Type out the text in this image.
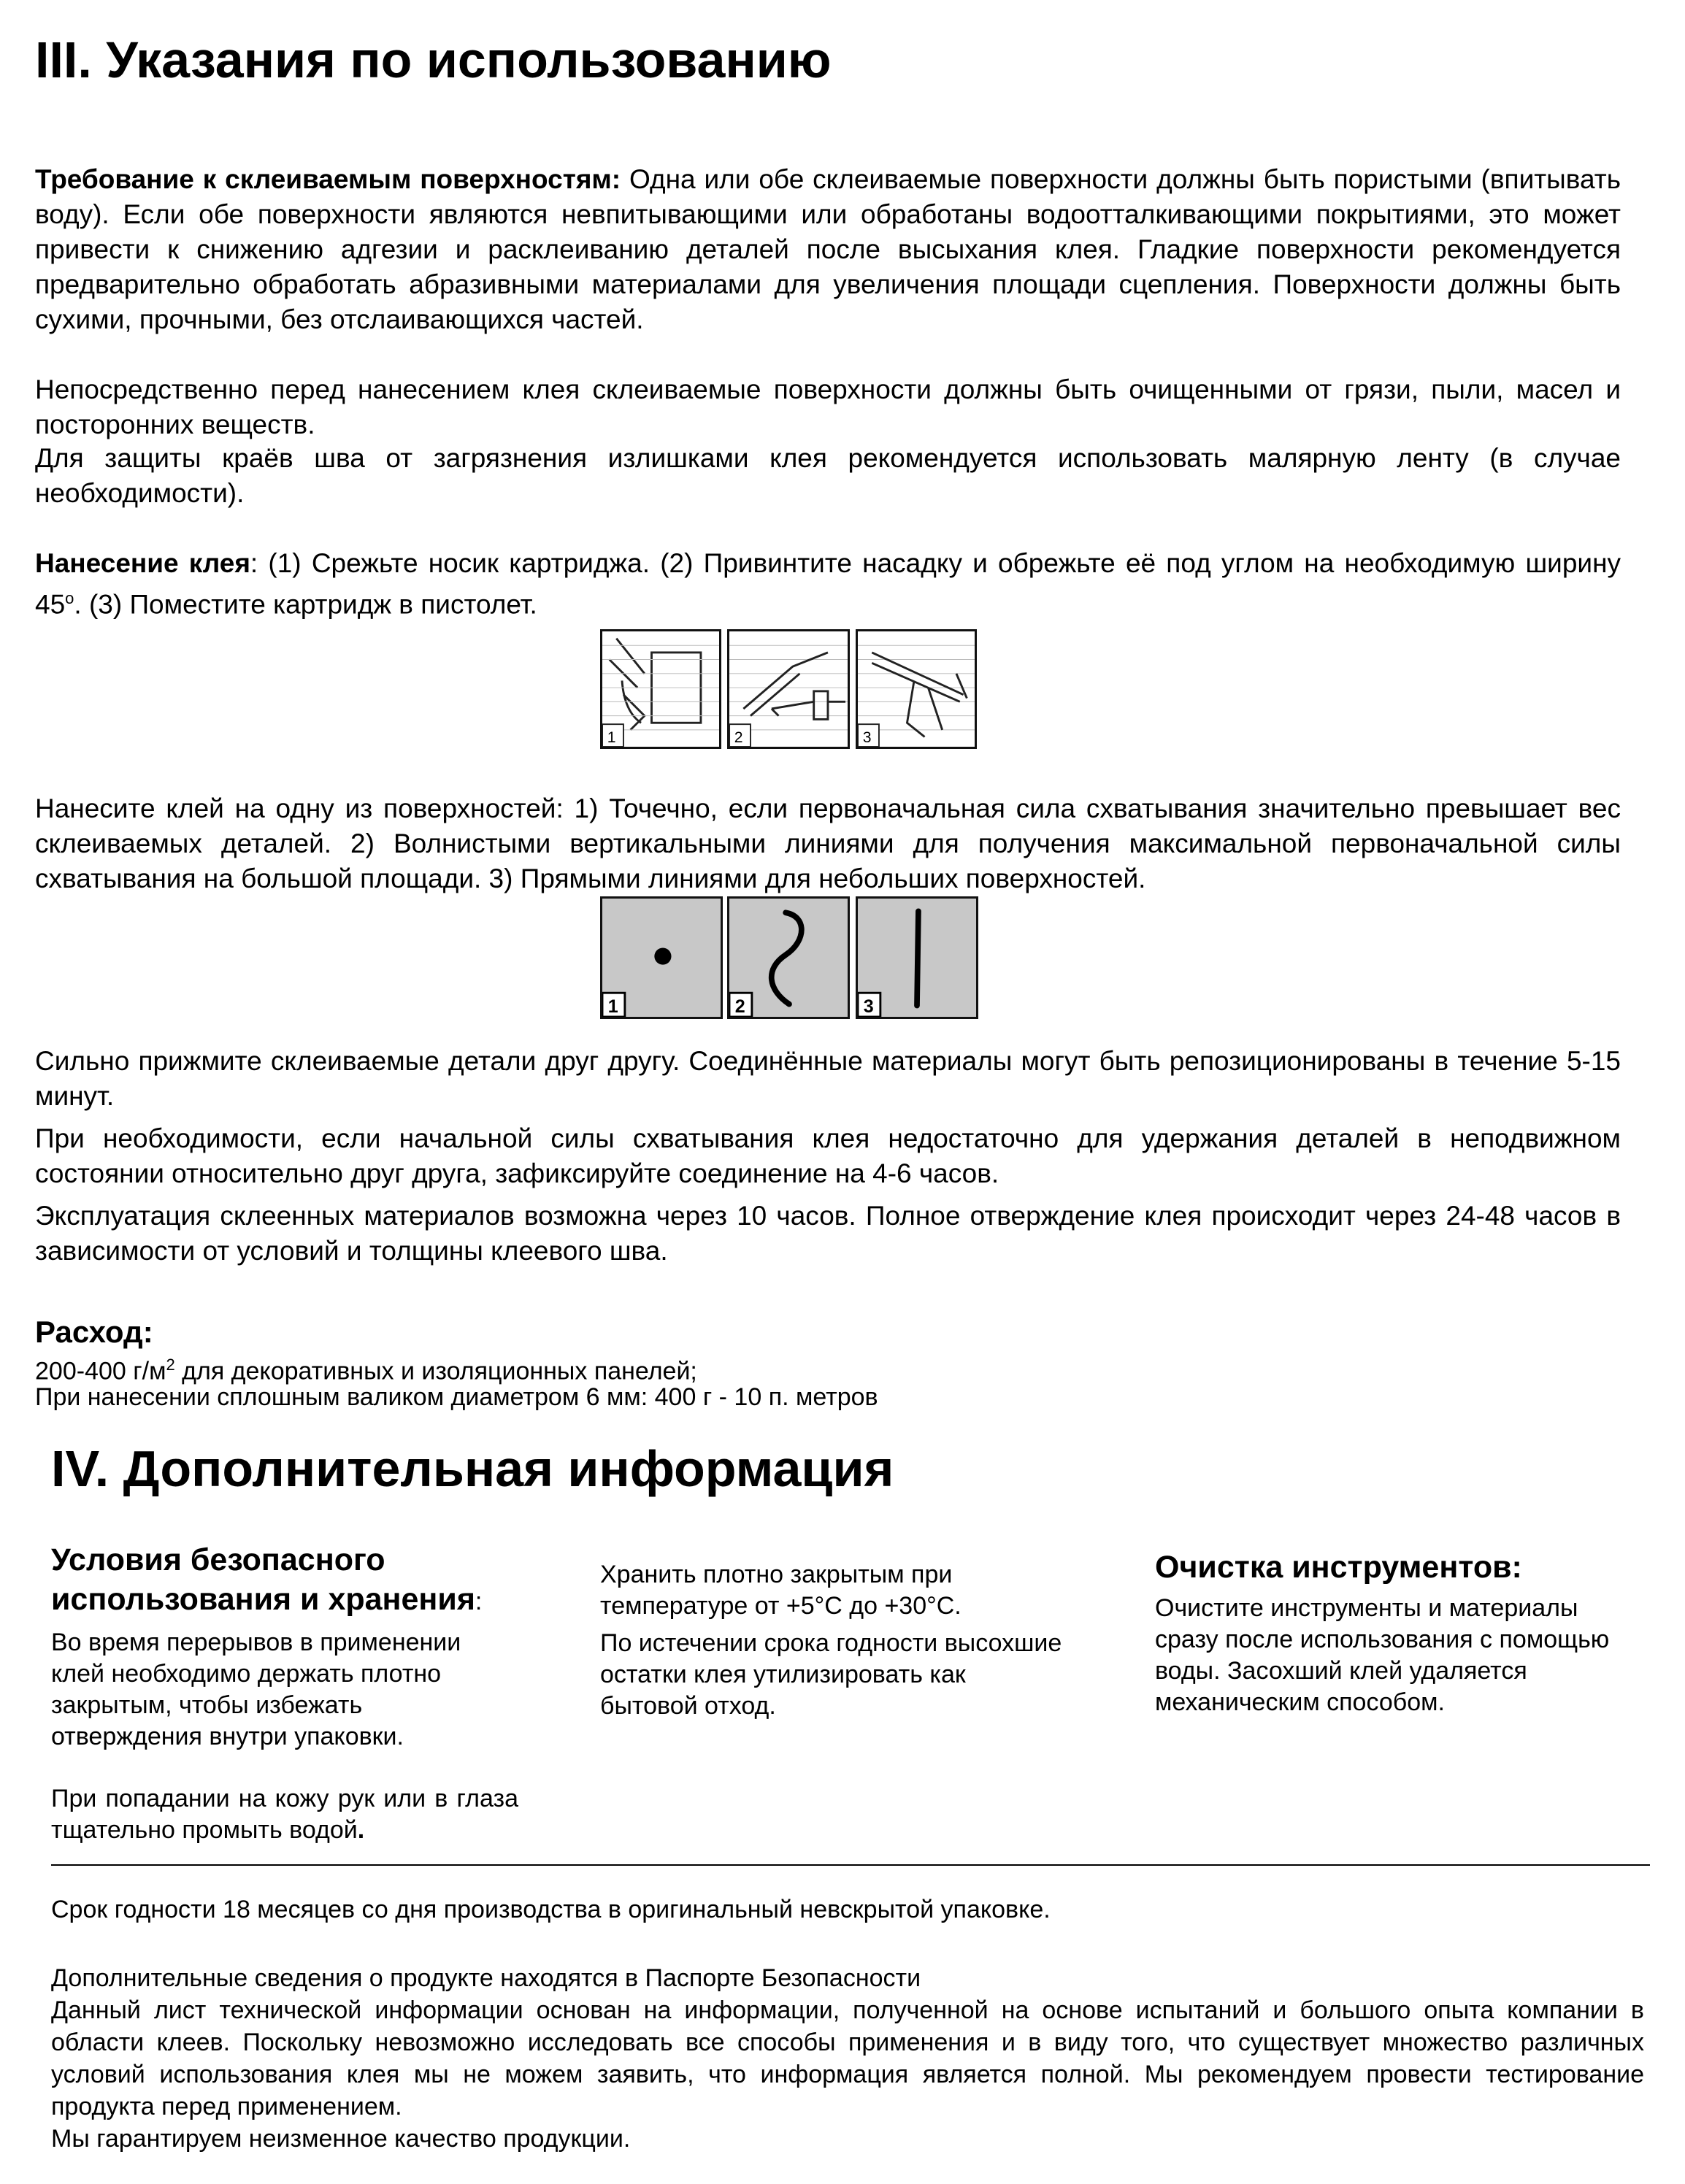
III. Указания по использованию

Требование к склеиваемым поверхностям: Одна или обе склеиваемые поверхности должны быть пористыми (впитывать воду). Если обе поверхности являются невпитывающими или обработаны водоотталкивающими покрытиями, это может привести к снижению адгезии и расклеиванию деталей после высыхания клея. Гладкие поверхности рекомендуется предварительно обработать абразивными материалами для увеличения площади сцепления. Поверхности должны быть сухими, прочными, без отслаивающихся частей.

Непосредственно перед нанесением клея склеиваемые поверхности должны быть очищенными от грязи, пыли, масел и посторонних веществ.

Для защиты краёв шва от загрязнения излишками клея рекомендуется использовать малярную ленту (в случае необходимости).

Нанесение клея: (1) Срежьте носик картриджа. (2) Привинтите насадку и обрежьте её под углом на необходимую ширину $45^о$. (3) Поместите картридж в пистолет.

1	2	3

Нанесите клей на одну из поверхностей: 1) Точечно, если первоначальная сила схватывания значительно превышает вес склеиваемых деталей. 2) Волнистыми вертикальными линиями для получения максимальной первоначальной силы схватывания на большой площади. 3) Прямыми линиями для небольших поверхностей.

1	2	3

Сильно прижмите склеиваемые детали друг другу. Соединённые материалы могут быть репозиционированы в течение 5-15 минут.

При необходимости, если начальной силы схватывания клея недостаточно для удержания деталей в неподвижном состоянии относительно друг друга, зафиксируйте соединение на 4-6 часов.

Эксплуатация склеенных материалов возможна через 10 часов. Полное отверждение клея происходит через 24-48 часов в зависимости от условий и толщины клеевого шва.

Расход:

200-400 $г/м^2$ для декоративных и изоляционных панелей;

При нанесении сплошным валиком диаметром 6 мм: 400 г - 10 п. метров

IV. Дополнительная информация

Условия безопасного использования и хранения:

Во время перерывов в применении клей необходимо держать плотно закрытым, чтобы избежать отверждения внутри упаковки.

При попадании на кожу рук или в глаза тщательно промыть водой.

Хранить плотно закрытым при температуре от +5°С до +30°С.

По истечении срока годности высохшие остатки клея утилизировать как бытовой отход.

Очистка инструментов:

Очистите инструменты и материалы сразу после использования с помощью воды. Засохший клей удаляется механическим способом.

Срок годности 18 месяцев со дня производства в оригинальный невскрытой упаковке.

Дополнительные сведения о продукте находятся в Паспорте Безопасности

Данный лист технической информации основан на информации, полученной на основе испытаний и большого опыта компании в области клеев. Поскольку невозможно исследовать все способы применения и в виду того, что существует множество различных условий использования клея мы не можем заявить, что информация является полной. Мы рекомендуем провести тестирование продукта перед применением.

Мы гарантируем неизменное качество продукции.
